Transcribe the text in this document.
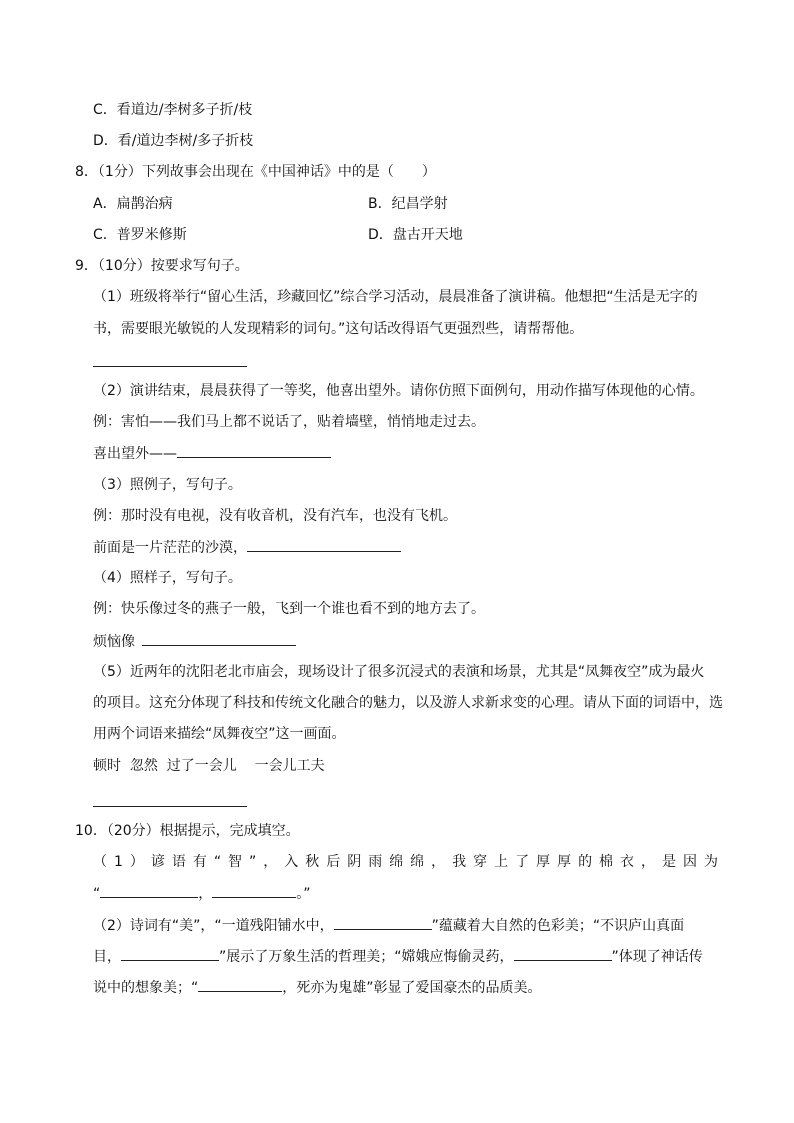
C．看道边/李树多子折/枝
D．看/道边李树/多子折枝
8．（1分）下列故事会出现在《中国神话》中的是（　　）
A．扁鹊治病	B．纪昌学射
C．普罗米修斯	D．盘古开天地
9．（10分）按要求写句子。
（1）班级将举行“留心生活，珍藏回忆”综合学习活动，晨晨准备了演讲稿。他想把“生活是无字的
书，需要眼光敏锐的人发现精彩的词句。”这句话改得语气更强烈些，请帮帮他。
（2）演讲结束，晨晨获得了一等奖，他喜出望外。请你仿照下面例句，用动作描写体现他的心情。
例：害怕——我们马上都不说话了，贴着墙壁，悄悄地走过去。
喜出望外——
（3）照例子，写句子。
例：那时没有电视，没有收音机，没有汽车，也没有飞机。
前面是一片茫茫的沙漠，
（4）照样子，写句子。
例：快乐像过冬的燕子一般，飞到一个谁也看不到的地方去了。
烦恼像
（5）近两年的沈阳老北市庙会，现场设计了很多沉浸式的表演和场景，尤其是“凤舞夜空”成为最火
的项目。这充分体现了科技和传统文化融合的魅力，以及游人求新求变的心理。请从下面的词语中，选
用两个词语来描绘“凤舞夜空”这一画面。
顿时  忽然  过了一会儿    一会儿工夫
10．（20分）根据提示，完成填空。
（1）谚语有“智”，入秋后阴雨绵绵，我穿上了厚厚的棉衣，是因为
“	，	。”
（2）诗词有“美”，“一道残阳铺水中，	”蕴藏着大自然的色彩美；“不识庐山真面
目，	”展示了万象生活的哲理美；“嫦娥应悔偷灵药，	”体现了神话传
说中的想象美；“	，死亦为鬼雄”彰显了爱国豪杰的品质美。
